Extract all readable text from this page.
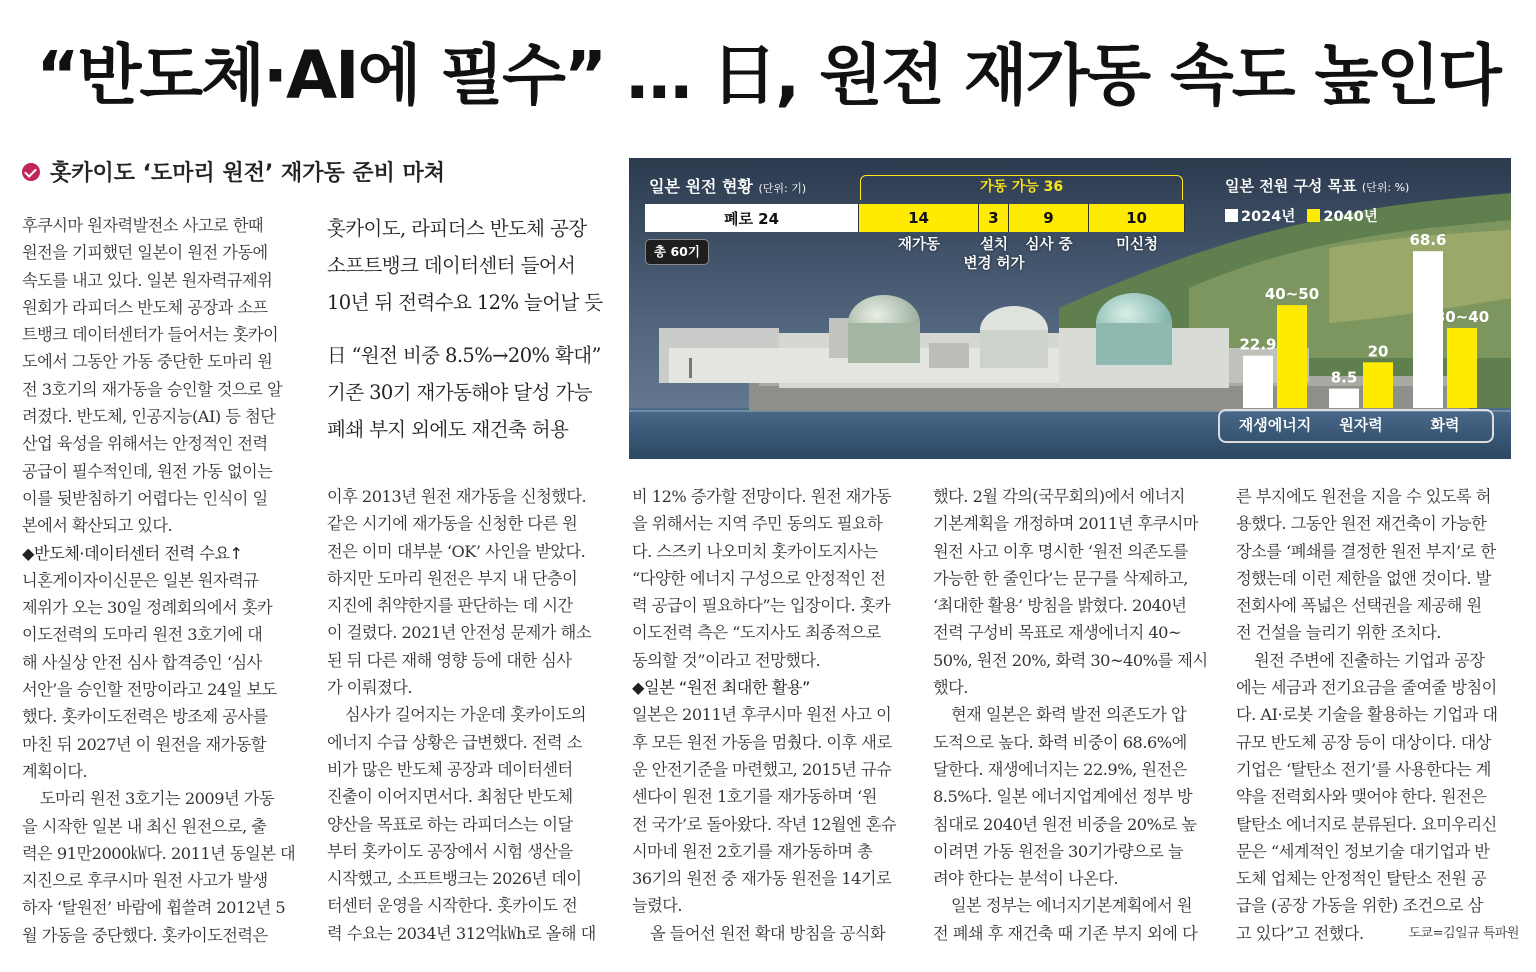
“반도체·AI에 필수” … 日, 원전 재가동 속도 높인다
홋카이도 ‘도마리 원전’ 재가동 준비 마쳐
후쿠시마 원자력발전소 사고로 한때
원전을 기피했던 일본이 원전 가동에
속도를 내고 있다. 일본 원자력규제위
원회가 라피더스 반도체 공장과 소프
트뱅크 데이터센터가 들어서는 홋카이
도에서 그동안 가동 중단한 도마리 원
전 3호기의 재가동을 승인할 것으로 알
려졌다. 반도체, 인공지능(AI) 등 첨단
산업 육성을 위해서는 안정적인 전력
공급이 필수적인데, 원전 가동 없이는
이를 뒷받침하기 어렵다는 인식이 일
본에서 확산되고 있다.
◆반도체·데이터센터 전력 수요↑
니혼게이자이신문은 일본 원자력규
제위가 오는 30일 정례회의에서 홋카
이도전력의 도마리 원전 3호기에 대
해 사실상 안전 심사 합격증인 ‘심사
서안’을 승인할 전망이라고 24일 보도
했다. 홋카이도전력은 방조제 공사를
마친 뒤 2027년 이 원전을 재가동할
계획이다.
도마리 원전 3호기는 2009년 가동
을 시작한 일본 내 최신 원전으로, 출
력은 91만2000㎾다. 2011년 동일본 대
지진으로 후쿠시마 원전 사고가 발생
하자 ‘탈원전’ 바람에 휩쓸려 2012년 5
월 가동을 중단했다. 홋카이도전력은
홋카이도, 라피더스 반도체 공장
소프트뱅크 데이터센터 들어서
10년 뒤 전력수요 12% 늘어날 듯
日 “원전 비중 8.5%→20% 확대”
기존 30기 재가동해야 달성 가능
폐쇄 부지 외에도 재건축 허용
이후 2013년 원전 재가동을 신청했다.
같은 시기에 재가동을 신청한 다른 원
전은 이미 대부분 ‘OK’ 사인을 받았다.
하지만 도마리 원전은 부지 내 단층이
지진에 취약한지를 판단하는 데 시간
이 걸렸다. 2021년 안전성 문제가 해소
된 뒤 다른 재해 영향 등에 대한 심사
가 이뤄졌다.
심사가 길어지는 가운데 홋카이도의
에너지 수급 상황은 급변했다. 전력 소
비가 많은 반도체 공장과 데이터센터
진출이 이어지면서다. 최첨단 반도체
양산을 목표로 하는 라피더스는 이달
부터 홋카이도 공장에서 시험 생산을
시작했고, 소프트뱅크는 2026년 데이
터센터 운영을 시작한다. 홋카이도 전
력 수요는 2034년 312억㎾h로 올해 대
비 12% 증가할 전망이다. 원전 재가동
을 위해서는 지역 주민 동의도 필요하
다. 스즈키 나오미치 홋카이도지사는
“다양한 에너지 구성으로 안정적인 전
력 공급이 필요하다”는 입장이다. 홋카
이도전력 측은 “도지사도 최종적으로
동의할 것”이라고 전망했다.
◆일본 “원전 최대한 활용”
일본은 2011년 후쿠시마 원전 사고 이
후 모든 원전 가동을 멈췄다. 이후 새로
운 안전기준을 마련했고, 2015년 규슈
센다이 원전 1호기를 재가동하며 ‘원
전 국가’로 돌아왔다. 작년 12월엔 혼슈
시마네 원전 2호기를 재가동하며 총
36기의 원전 중 재가동 원전을 14기로
늘렸다.
올 들어선 원전 확대 방침을 공식화
했다. 2월 각의(국무회의)에서 에너지
기본계획을 개정하며 2011년 후쿠시마
원전 사고 이후 명시한 ‘원전 의존도를
가능한 한 줄인다’는 문구를 삭제하고,
‘최대한 활용’ 방침을 밝혔다. 2040년
전력 구성비 목표로 재생에너지 40~
50%, 원전 20%, 화력 30~40%를 제시
했다.
현재 일본은 화력 발전 의존도가 압
도적으로 높다. 화력 비중이 68.6%에
달한다. 재생에너지는 22.9%, 원전은
8.5%다. 일본 에너지업계에선 정부 방
침대로 2040년 원전 비중을 20%로 높
이려면 가동 원전을 30기가량으로 늘
려야 한다는 분석이 나온다.
일본 정부는 에너지기본계획에서 원
전 폐쇄 후 재건축 때 기존 부지 외에 다
른 부지에도 원전을 지을 수 있도록 허
용했다. 그동안 원전 재건축이 가능한
장소를 ‘폐쇄를 결정한 원전 부지’로 한
정했는데 이런 제한을 없앤 것이다. 발
전회사에 폭넓은 선택권을 제공해 원
전 건설을 늘리기 위한 조치다.
원전 주변에 진출하는 기업과 공장
에는 세금과 전기요금을 줄여줄 방침이
다. AI·로봇 기술을 활용하는 기업과 대
규모 반도체 공장 등이 대상이다. 대상
기업은 ‘탈탄소 전기’를 사용한다는 계
약을 전력회사와 맺어야 한다. 원전은
탈탄소 에너지로 분류된다. 요미우리신
문은 “세계적인 정보기술 대기업과 반
도체 업체는 안정적인 탈탄소 전원 공
급을 (공장 가동을 위한) 조건으로 삼
고 있다”고 전했다.	도쿄=김일규 특파원
일본 원전 현황 (단위: 기)	가동 가능 36
폐로 24	14	3	9	10
재가동	설치
변경 허가
심사 중	미신청
총 60기
일본 전원 구성 목표 (단위: %)
2024년 2040년
22.9
40~50
8.5
20
68.6
30~40
재생에너지	원자력	화력
